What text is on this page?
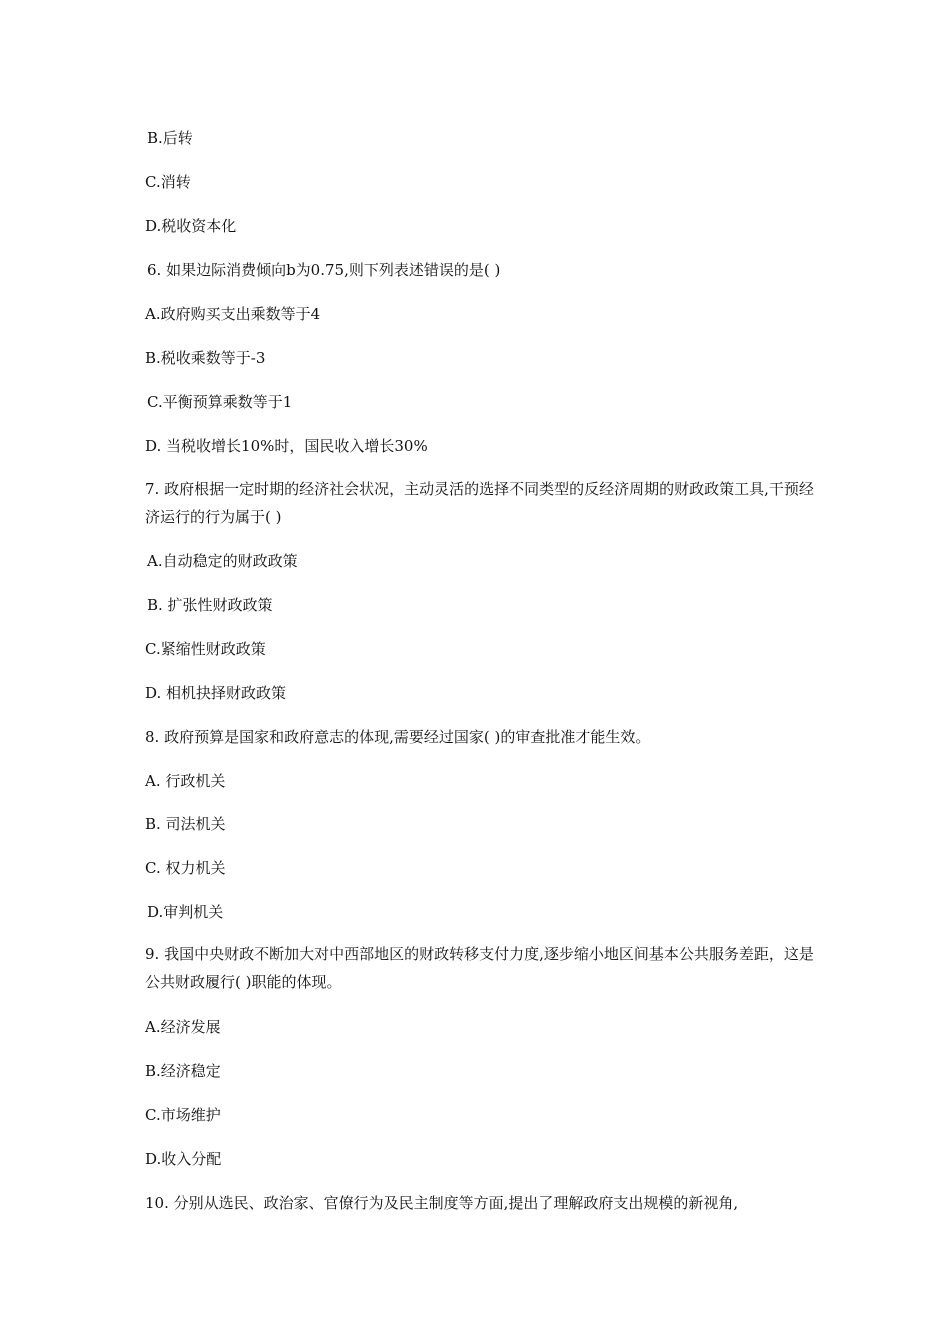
B.后转
C.消转
D.税收资本化
6. 如果边际消费倾向b为0.75,则下列表述错误的是( )
A.政府购买支出乘数等于4
B.税收乘数等于-3
C.平衡预算乘数等于1
D. 当税收增长10%时，国民收入增长30%
7. 政府根据一定时期的经济社会状况，主动灵活的选择不同类型的反经济周期的财政政策工具,干预经济运行的行为属于( )
A.自动稳定的财政政策
B. 扩张性财政政策
C.紧缩性财政政策
D. 相机抉择财政政策
8. 政府预算是国家和政府意志的体现,需要经过国家( )的审查批准才能生效。
A. 行政机关
B. 司法机关
C. 权力机关
D.审判机关
9. 我国中央财政不断加大对中西部地区的财政转移支付力度,逐步缩小地区间基本公共服务差距，这是公共财政履行( )职能的体现。
A.经济发展
B.经济稳定
C.市场维护
D.收入分配
10. 分别从选民、政治家、官僚行为及民主制度等方面,提出了理解政府支出规模的新视角,
